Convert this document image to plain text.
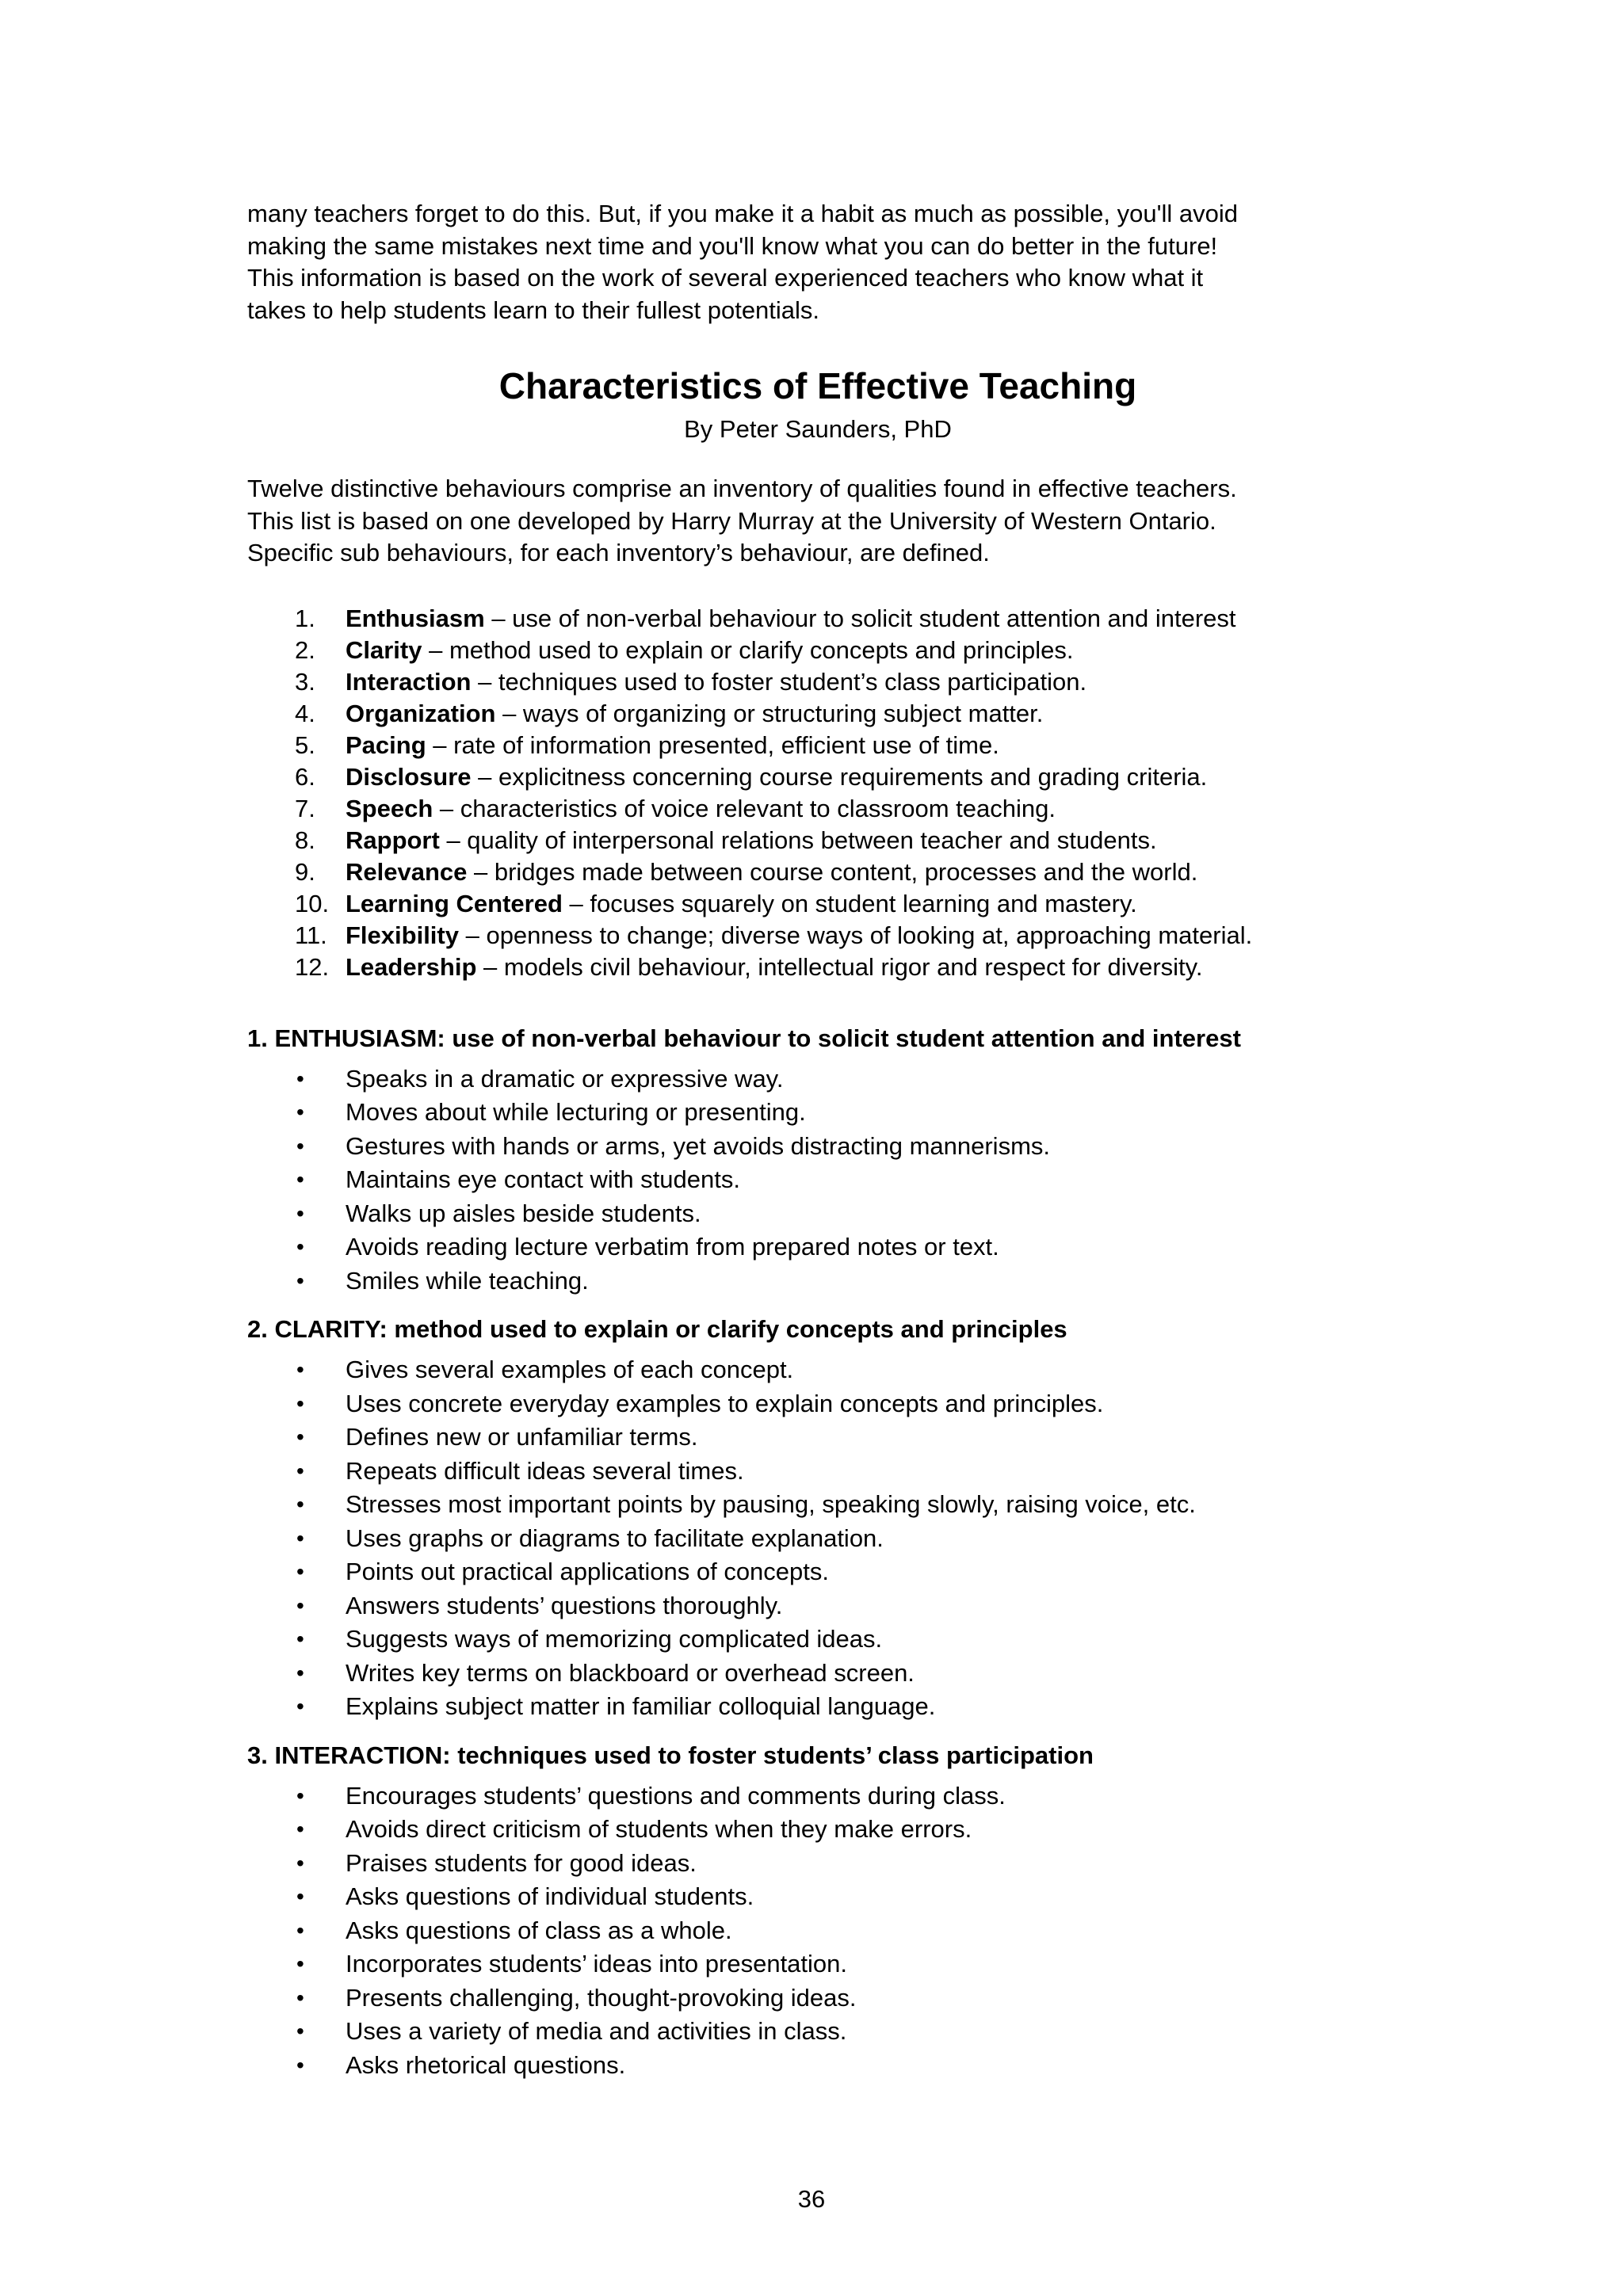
many teachers forget to do this. But, if you make it a habit as much as possible, you'll avoid
making the same mistakes next time and you'll know what you can do better in the future!
This information is based on the work of several experienced teachers who know what it
takes to help students learn to their fullest potentials.
Characteristics of Effective Teaching
By Peter Saunders, PhD
Twelve distinctive behaviours comprise an inventory of qualities found in effective teachers.
This list is based on one developed by Harry Murray at the University of Western Ontario.
Specific sub behaviours, for each inventory’s behaviour, are defined.
1.	Enthusiasm – use of non-verbal behaviour to solicit student attention and interest
2.	Clarity – method used to explain or clarify concepts and principles.
3.	Interaction – techniques used to foster student’s class participation.
4.	Organization – ways of organizing or structuring subject matter.
5.	Pacing – rate of information presented, efficient use of time.
6.	Disclosure – explicitness concerning course requirements and grading criteria.
7.	Speech – characteristics of voice relevant to classroom teaching.
8.	Rapport – quality of interpersonal relations between teacher and students.
9.	Relevance – bridges made between course content, processes and the world.
10. Learning Centered – focuses squarely on student learning and mastery.
11. Flexibility – openness to change; diverse ways of looking at, approaching material.
12. Leadership – models civil behaviour, intellectual rigor and respect for diversity.
1. ENTHUSIASM: use of non-verbal behaviour to solicit student attention and interest
• Speaks in a dramatic or expressive way.
• Moves about while lecturing or presenting.
• Gestures with hands or arms, yet avoids distracting mannerisms.
• Maintains eye contact with students.
• Walks up aisles beside students.
• Avoids reading lecture verbatim from prepared notes or text.
• Smiles while teaching.
2. CLARITY: method used to explain or clarify concepts and principles
• Gives several examples of each concept.
• Uses concrete everyday examples to explain concepts and principles.
• Defines new or unfamiliar terms.
• Repeats difficult ideas several times.
• Stresses most important points by pausing, speaking slowly, raising voice, etc.
• Uses graphs or diagrams to facilitate explanation.
• Points out practical applications of concepts.
• Answers students’ questions thoroughly.
• Suggests ways of memorizing complicated ideas.
• Writes key terms on blackboard or overhead screen.
• Explains subject matter in familiar colloquial language.
3. INTERACTION: techniques used to foster students’ class participation
• Encourages students’ questions and comments during class.
• Avoids direct criticism of students when they make errors.
• Praises students for good ideas.
• Asks questions of individual students.
• Asks questions of class as a whole.
• Incorporates students’ ideas into presentation.
• Presents challenging, thought-provoking ideas.
• Uses a variety of media and activities in class.
• Asks rhetorical questions.
36
